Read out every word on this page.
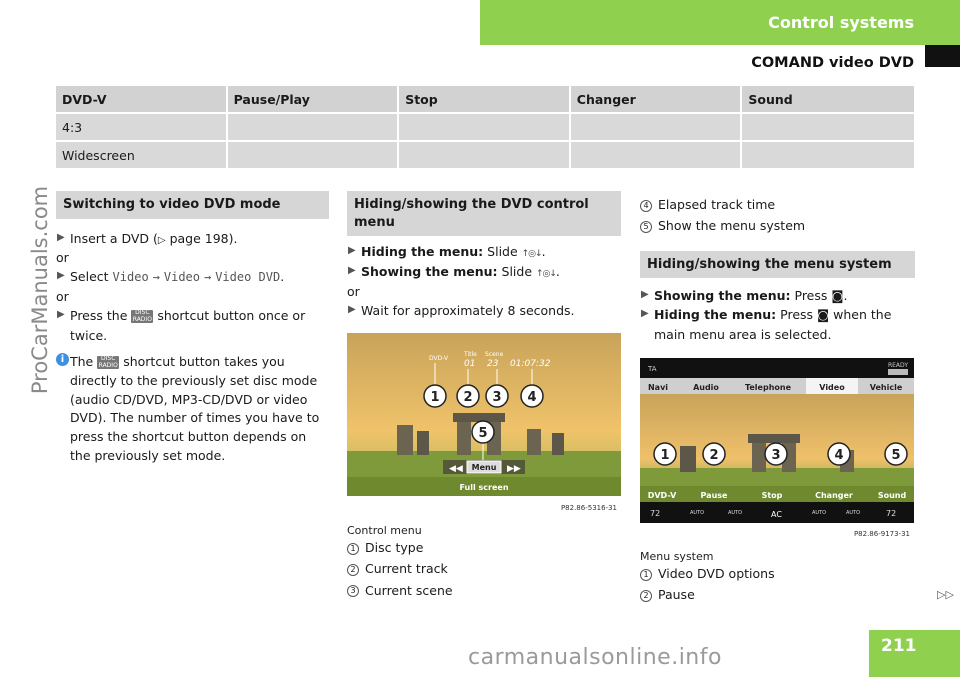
Control systems
COMAND video DVD
ProCarManuals.com
DVD-V	Pause/Play	Stop	Changer	Sound
4:3				
Widescreen				
Switching to video DVD mode
▶ Insert a DVD (▷ page 198).
or
▶ Select Video → Video → Video DVD.
or
▶ Press the DISC
RADIO shortcut button once or twice.
i The DISC
RADIO shortcut button takes you directly to the previously set disc mode (audio CD/DVD, MP3-CD/DVD or video DVD). The number of times you have to press the shortcut button depends on the previously set mode.
Hiding/showing the DVD control menu
▶ Hiding the menu: Slide ↑◎↓.
▶ Showing the menu: Slide ↑◎↓.
or
▶ Wait for approximately 8 seconds.
DVD-V
Title Scene
01 23 01:07:32
1 2 3 4
5
◀◀ Menu ▶▶
Full screen
P82.86-5316-31
Control menu
1 Disc type
2 Current track
3 Current scene
4 Elapsed track time
5 Show the menu system
Hiding/showing the menu system
▶ Showing the menu: Press ◙.
▶ Hiding the menu: Press ◙ when the main menu area is selected.
TA	READY
Navi	Audio	Telephone	Video	Vehicle
1	2	3	4	5
DVD-V	Pause	Stop	Changer	Sound
72	AUTO	AUTO	AC	AUTO	AUTO	72
P82.86-9173-31
Menu system
1 Video DVD options
2 Pause	▷▷
211
carmanualsonline.info
